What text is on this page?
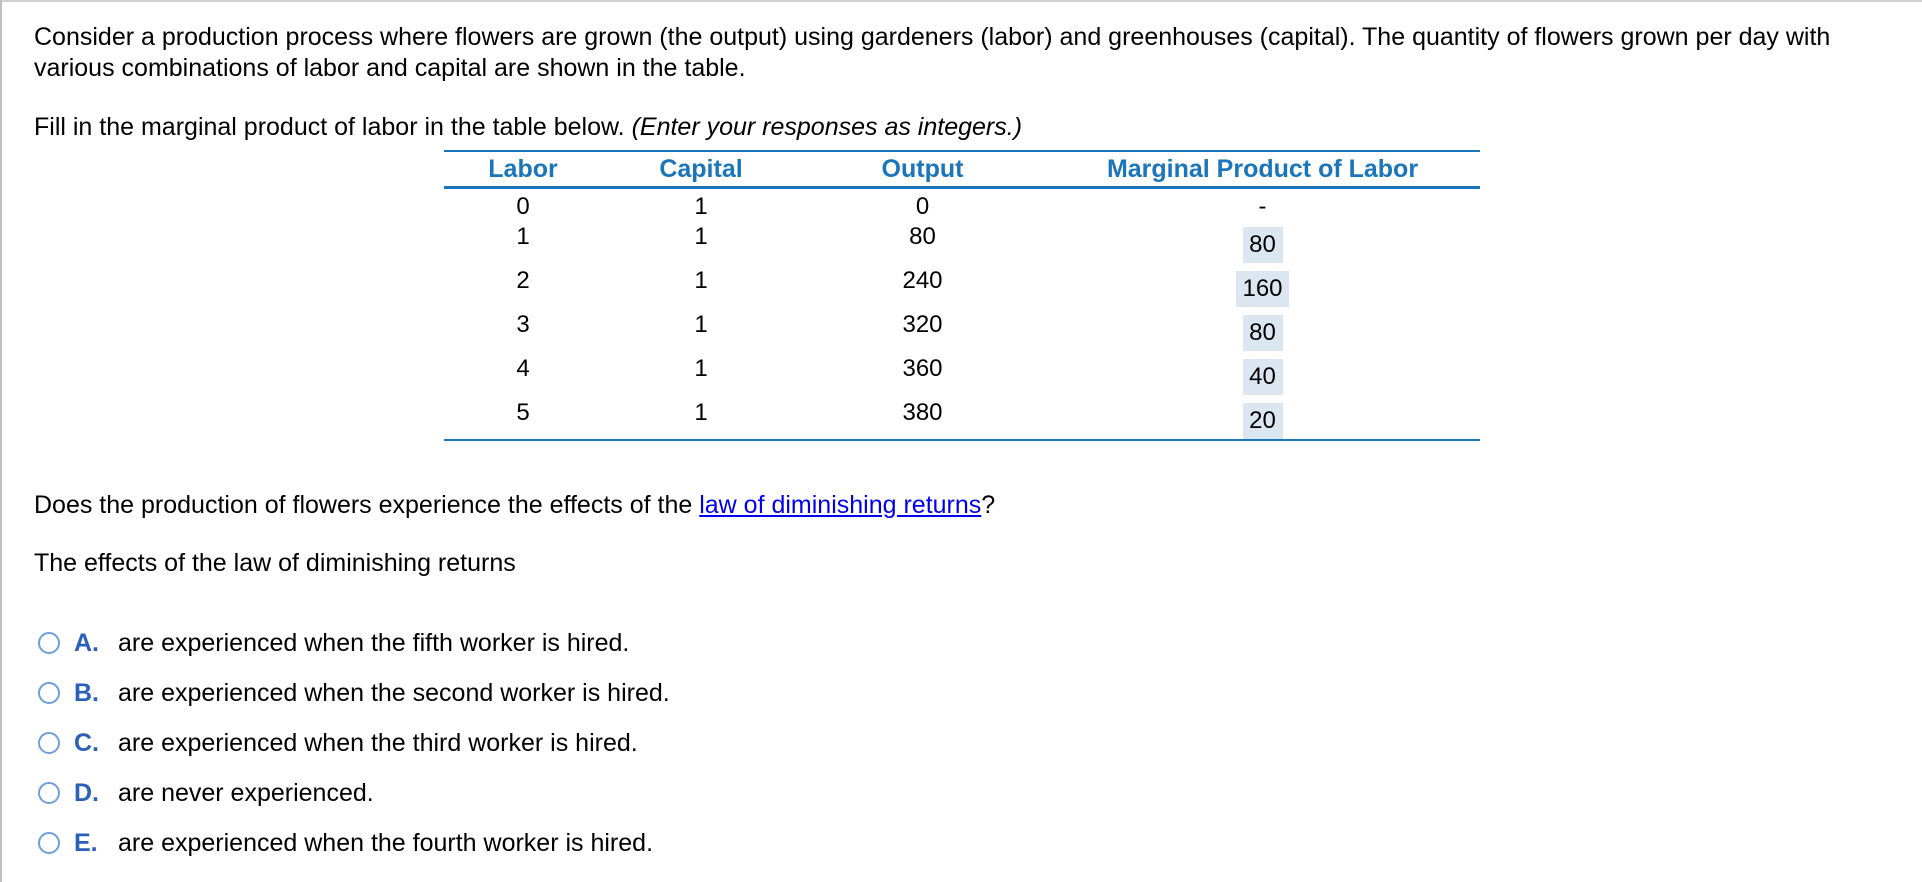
Consider a production process where flowers are grown (the output) using gardeners (labor) and greenhouses (capital). The quantity of flowers grown per day with various combinations of labor and capital are shown in the table.

Fill in the marginal product of labor in the table below. (Enter your responses as integers.)

Labor	Capital	Output	Marginal Product of Labor
0	1	0	-
1	1	80	80
2	1	240	160
3	1	320	80
4	1	360	40
5	1	380	20

Does the production of flowers experience the effects of the law of diminishing returns?

The effects of the law of diminishing returns

A. are experienced when the fifth worker is hired.
B. are experienced when the second worker is hired.
C. are experienced when the third worker is hired.
D. are never experienced.
E. are experienced when the fourth worker is hired.
